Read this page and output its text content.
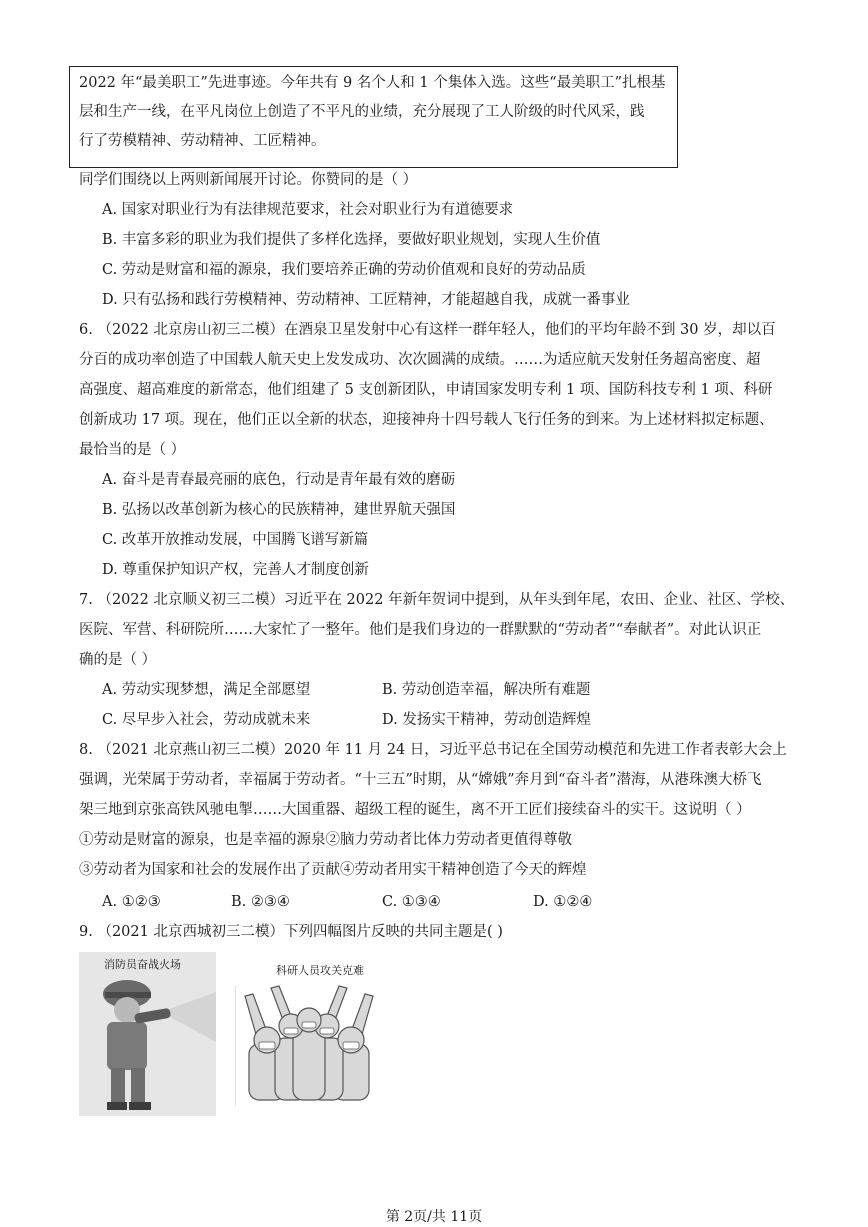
2022 年“最美职工”先进事迹。今年共有 9 名个人和 1 个集体入选。这些“最美职工”扎根基
层和生产一线，在平凡岗位上创造了不平凡的业绩，充分展现了工人阶级的时代风采，践
行了劳模精神、劳动精神、工匠精神。
同学们围绕以上两则新闻展开讨论。你赞同的是（ ）
A. 国家对职业行为有法律规范要求，社会对职业行为有道德要求
B. 丰富多彩的职业为我们提供了多样化选择，要做好职业规划，实现人生价值
C. 劳动是财富和福的源泉，我们要培养正确的劳动价值观和良好的劳动品质
D. 只有弘扬和践行劳模精神、劳动精神、工匠精神，才能超越自我，成就一番事业
6. （2022 北京房山初三二模）在酒泉卫星发射中心有这样一群年轻人，他们的平均年龄不到 30 岁，却以百
分百的成功率创造了中国载人航天史上发发成功、次次圆满的成绩。……为适应航天发射任务超高密度、超
高强度、超高难度的新常态，他们组建了 5 支创新团队，申请国家发明专利 1 项、国防科技专利 1 项、科研
创新成功 17 项。现在，他们正以全新的状态，迎接神舟十四号载人飞行任务的到来。为上述材料拟定标题、
最恰当的是（ ）
A. 奋斗是青春最亮丽的底色，行动是青年最有效的磨砺
B. 弘扬以改革创新为核心的民族精神，建世界航天强国
C. 改革开放推动发展，中国腾飞谱写新篇
D. 尊重保护知识产权，完善人才制度创新
7. （2022 北京顺义初三二模）习近平在 2022 年新年贺词中提到，从年头到年尾，农田、企业、社区、学校、
医院、军营、科研院所……大家忙了一整年。他们是我们身边的一群默默的“劳动者”“奉献者”。对此认识正
确的是（ ）
A. 劳动实现梦想，满足全部愿望	B. 劳动创造幸福，解决所有难题
C. 尽早步入社会，劳动成就未来	D. 发扬实干精神，劳动创造辉煌
8. （2021 北京燕山初三二模）2020 年 11 月 24 日，习近平总书记在全国劳动模范和先进工作者表彰大会上
强调，光荣属于劳动者，幸福属于劳动者。“十三五”时期，从“嫦娥”奔月到“奋斗者”潜海，从港珠澳大桥飞
架三地到京张高铁风驰电掣……大国重器、超级工程的诞生，离不开工匠们接续奋斗的实干。这说明（ ）
①劳动是财富的源泉，也是幸福的源泉②脑力劳动者比体力劳动者更值得尊敬
③劳动者为国家和社会的发展作出了贡献④劳动者用实干精神创造了今天的辉煌
A. ①②③	B. ②③④	C. ①③④	D. ①②④
9. （2021 北京西城初三二模）下列四幅图片反映的共同主题是( )
消防员奋战火场	科研人员攻关克难
第 2页/共 11页
